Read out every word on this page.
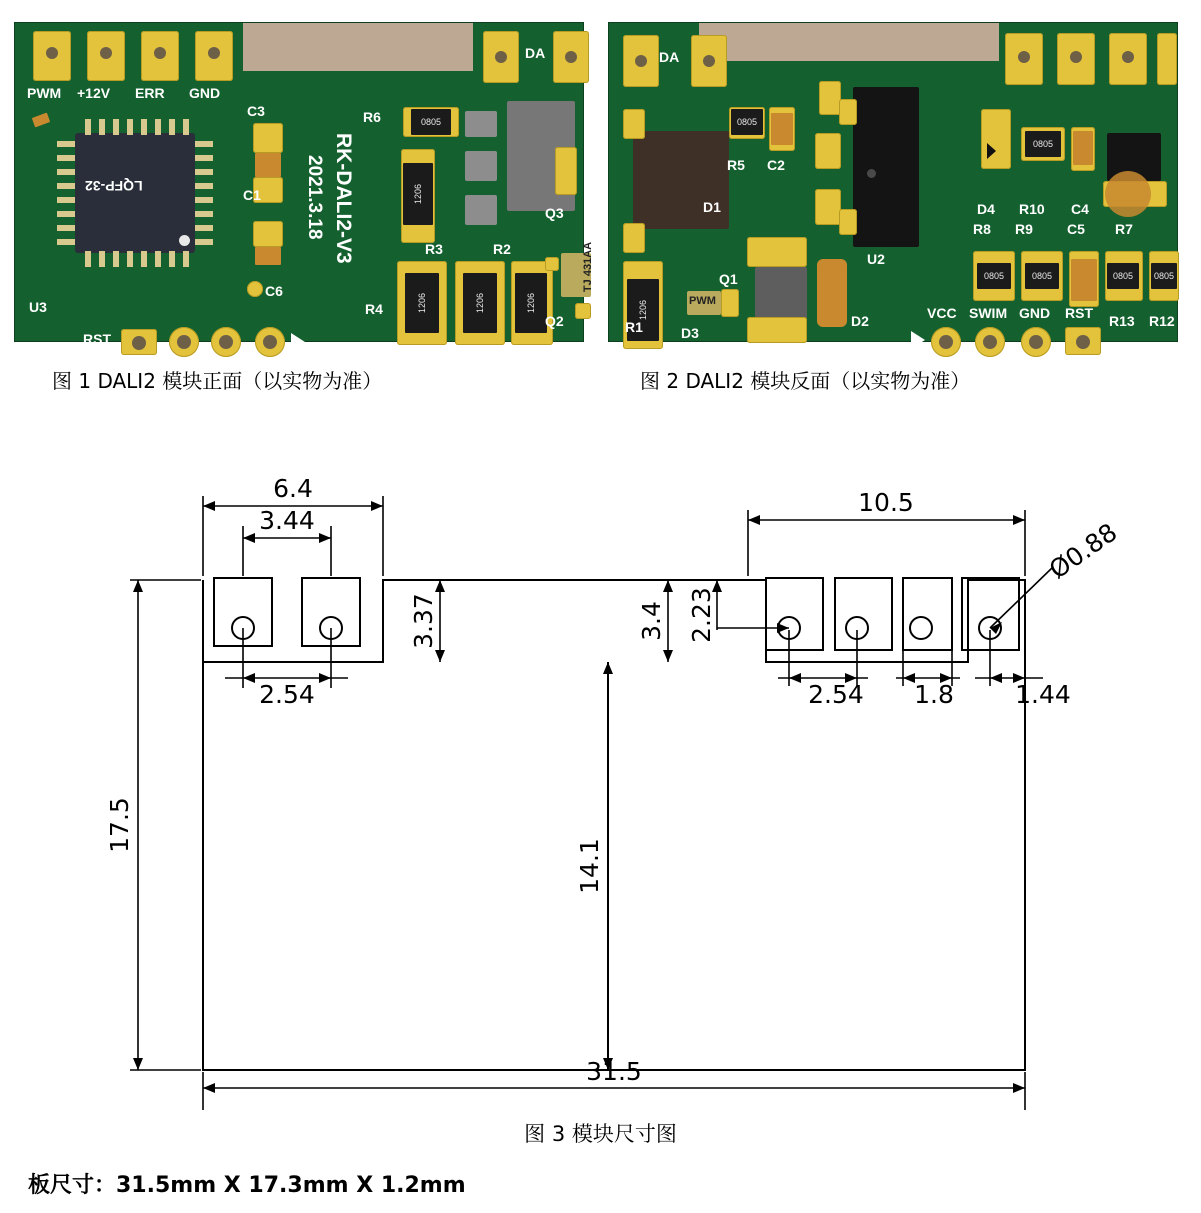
PWM +12V ERR GND
DA
LQFP-32
U3
RST
RK-DALI2-V3
2021.3.18
C3
C1
C6
R6	0805
1206
Q3
R3	R2
R4	1206	1206	1206
TJ 431AA
Q2
DA
D1
1206
R1
0805
R5 C2
U2
Q1
PWM
D3
D2
0805
D4 R10 C4
R8 R9 C5 R7
0805	0805	0805	0805
R13 R12
VCC SWIM GND RST
图 1 DALI2 模块正面（以实物为准）	图 2 DALI2 模块反面（以实物为准）
6.4
3.44
2.54
3.37
10.5
3.4 2.23
2.54 1.8 1.44
Ø0.88
17.5
14.1
31.5
图 3 模块尺寸图
板尺寸：31.5mm X 17.3mm X 1.2mm
